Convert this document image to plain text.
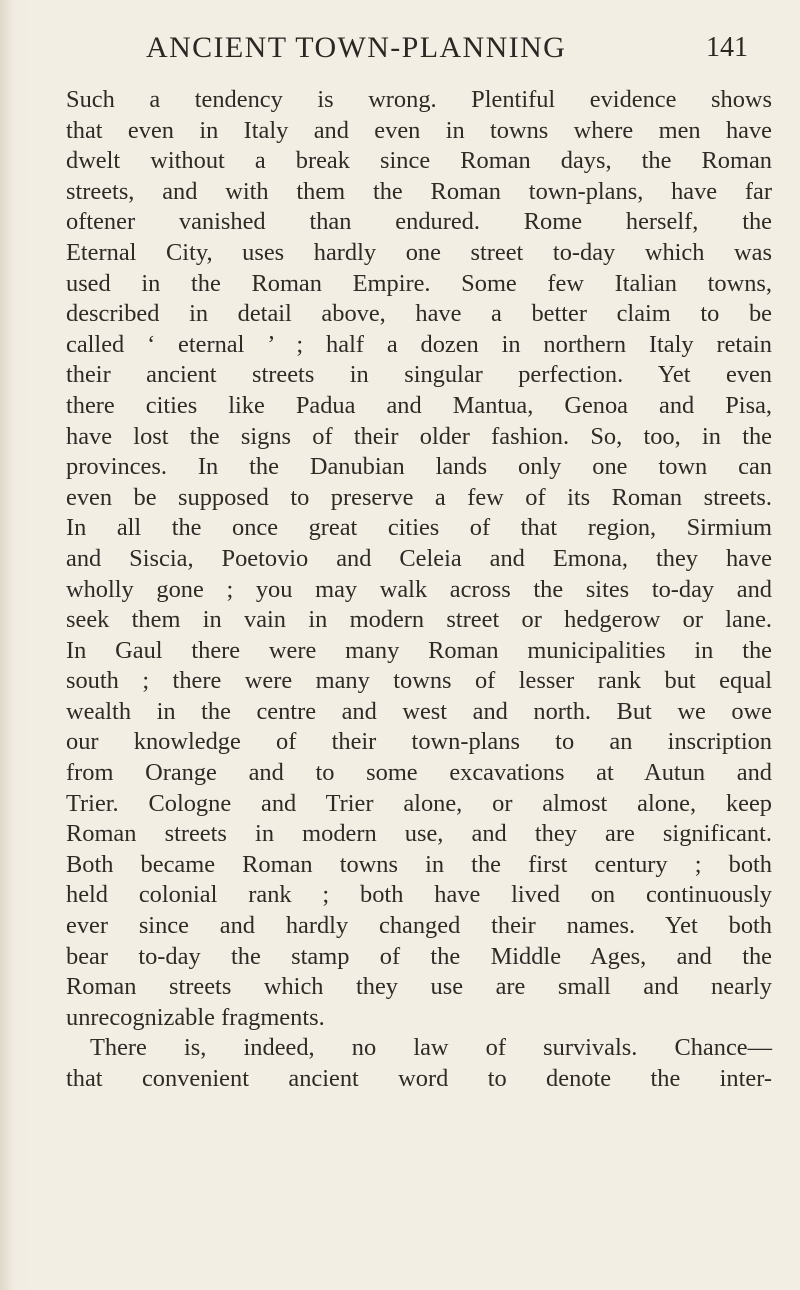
ANCIENT TOWN-PLANNING	141
Such a tendency is wrong. Plentiful evidence shows
that even in Italy and even in towns where men have
dwelt without a break since Roman days, the Roman
streets, and with them the Roman town-plans, have far
oftener vanished than endured. Rome herself, the
Eternal City, uses hardly one street to-day which was
used in the Roman Empire. Some few Italian towns,
described in detail above, have a better claim to be
called ‘ eternal ’ ; half a dozen in northern Italy retain
their ancient streets in singular perfection. Yet even
there cities like Padua and Mantua, Genoa and Pisa,
have lost the signs of their older fashion. So, too, in the
provinces. In the Danubian lands only one town can
even be supposed to preserve a few of its Roman streets.
In all the once great cities of that region, Sirmium
and Siscia, Poetovio and Celeia and Emona, they have
wholly gone ; you may walk across the sites to-day and
seek them in vain in modern street or hedgerow or lane.
In Gaul there were many Roman municipalities in the
south ; there were many towns of lesser rank but equal
wealth in the centre and west and north. But we owe
our knowledge of their town-plans to an inscription
from Orange and to some excavations at Autun and
Trier. Cologne and Trier alone, or almost alone, keep
Roman streets in modern use, and they are significant.
Both became Roman towns in the first century ; both
held colonial rank ; both have lived on continuously
ever since and hardly changed their names. Yet both
bear to-day the stamp of the Middle Ages, and the
Roman streets which they use are small and nearly
unrecognizable fragments.
There is, indeed, no law of survivals. Chance—
that convenient ancient word to denote the inter-
